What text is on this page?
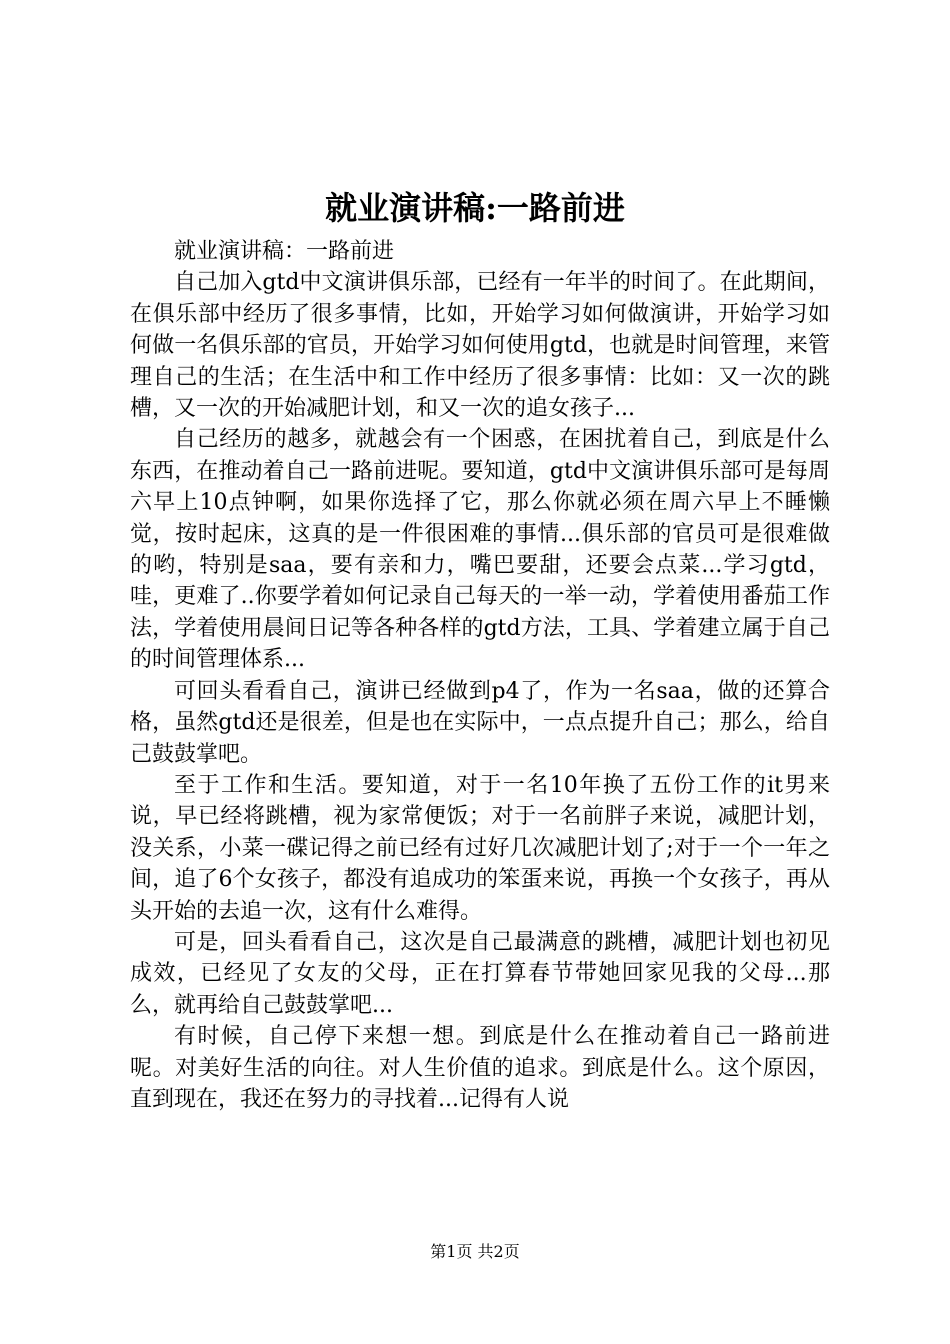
就业演讲稿:一路前进

就业演讲稿：一路前进

自己加入gtd中文演讲俱乐部，已经有一年半的时间了。在此期间，在俱乐部中经历了很多事情，比如，开始学习如何做演讲，开始学习如何做一名俱乐部的官员，开始学习如何使用gtd，也就是时间管理，来管理自己的生活；在生活中和工作中经历了很多事情：比如：又一次的跳槽，又一次的开始减肥计划，和又一次的追女孩子...

自己经历的越多，就越会有一个困惑，在困扰着自己，到底是什么东西，在推动着自己一路前进呢。要知道，gtd中文演讲俱乐部可是每周六早上10点钟啊，如果你选择了它，那么你就必须在周六早上不睡懒觉，按时起床，这真的是一件很困难的事情...俱乐部的官员可是很难做的哟，特别是saa，要有亲和力，嘴巴要甜，还要会点菜...学习gtd，哇，更难了..你要学着如何记录自己每天的一举一动，学着使用番茄工作法，学着使用晨间日记等各种各样的gtd方法，工具、学着建立属于自己的时间管理体系...

可回头看看自己，演讲已经做到p4了，作为一名saa，做的还算合格，虽然gtd还是很差，但是也在实际中，一点点提升自己；那么，给自己鼓鼓掌吧。

至于工作和生活。要知道，对于一名10年换了五份工作的it男来说，早已经将跳槽，视为家常便饭；对于一名前胖子来说，减肥计划，没关系，小菜一碟记得之前已经有过好几次减肥计划了;对于一个一年之间，追了6个女孩子，都没有追成功的笨蛋来说，再换一个女孩子，再从头开始的去追一次，这有什么难得。

可是，回头看看自己，这次是自己最满意的跳槽，减肥计划也初见成效，已经见了女友的父母，正在打算春节带她回家见我的父母...那么，就再给自己鼓鼓掌吧...

有时候，自己停下来想一想。到底是什么在推动着自己一路前进呢。对美好生活的向往。对人生价值的追求。到底是什么。这个原因，直到现在，我还在努力的寻找着...记得有人说

第1页 共2页
